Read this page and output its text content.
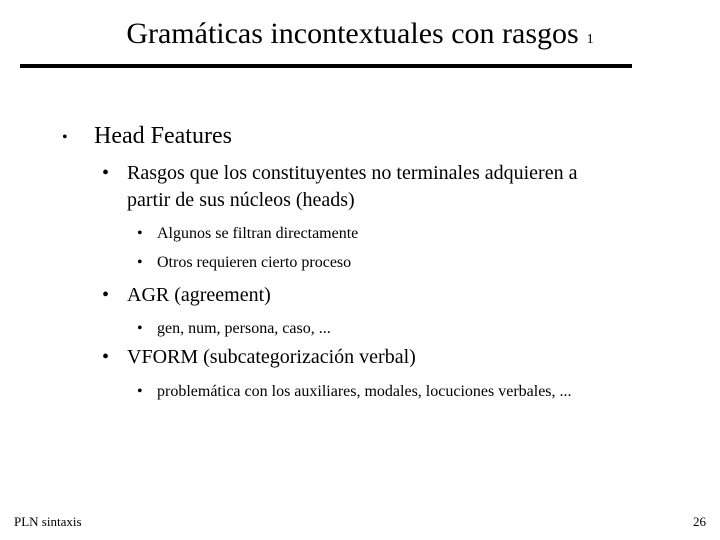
Gramáticas incontextuales con rasgos 1
• Head Features
• Rasgos que los constituyentes no terminales adquieren a
partir de sus núcleos (heads)
• Algunos se filtran directamente
• Otros requieren cierto proceso
• AGR (agreement)
• gen, num, persona, caso, ...
• VFORM (subcategorización verbal)
• problemática con los auxiliares, modales, locuciones verbales, ...
PLN sintaxis	26
